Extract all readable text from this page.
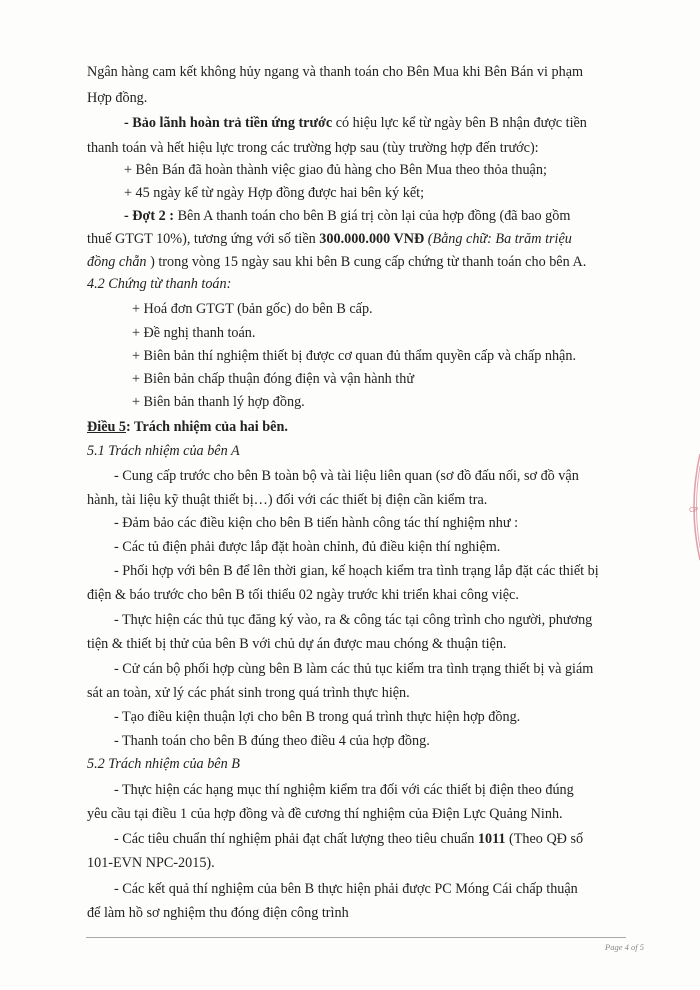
Ngân hàng cam kết không hủy ngang và thanh toán cho Bên Mua khi Bên Bán vi phạm
Hợp đồng.
- Bảo lãnh hoàn trả tiền ứng trước có hiệu lực kể từ ngày bên B nhận được tiền
thanh toán và hết hiệu lực trong các trường hợp sau (tùy trường hợp đến trước):
+ Bên Bán đã hoàn thành việc giao đủ hàng cho Bên Mua theo thỏa thuận;
+ 45 ngày kể từ ngày Hợp đồng được hai bên ký kết;
- Đợt 2 : Bên A thanh toán cho bên B giá trị còn lại của hợp đồng (đã bao gồm
thuế GTGT 10%), tương ứng với số tiền 300.000.000 VNĐ (Bằng chữ: Ba trăm triệu
đồng chẵn ) trong vòng 15 ngày sau khi bên B cung cấp chứng từ thanh toán cho bên A.
4.2 Chứng từ thanh toán:
+ Hoá đơn GTGT (bản gốc) do bên B cấp.
+ Đề nghị thanh toán.
+ Biên bản thí nghiệm thiết bị được cơ quan đủ thẩm quyền cấp và chấp nhận.
+ Biên bản chấp thuận đóng điện và vận hành thử
+ Biên bản thanh lý hợp đồng.
Điều 5: Trách nhiệm của hai bên.
5.1 Trách nhiệm của bên A
- Cung cấp trước cho bên B toàn bộ và tài liệu liên quan (sơ đồ đấu nối, sơ đồ vận
hành, tài liệu kỹ thuật thiết bị…) đối với các thiết bị điện cần kiểm tra.
- Đảm bảo các điều kiện cho bên B tiến hành công tác thí nghiệm như :
- Các tủ điện phải được lắp đặt hoàn chỉnh, đủ điều kiện thí nghiệm.
- Phối hợp với bên B để lên thời gian, kế hoạch kiểm tra tình trạng lắp đặt các thiết bị
điện & báo trước cho bên B tối thiểu 02 ngày trước khi triển khai công việc.
- Thực hiện các thủ tục đăng ký vào, ra & công tác tại công trình cho người, phương
tiện & thiết bị thử của bên B với chủ dự án được mau chóng & thuận tiện.
- Cử cán bộ phối hợp cùng bên B làm các thủ tục kiểm tra tình trạng thiết bị và giám
sát an toàn, xử lý các phát sinh trong quá trình thực hiện.
- Tạo điều kiện thuận lợi cho bên B trong quá trình thực hiện hợp đồng.
- Thanh toán cho bên B đúng theo điều 4 của hợp đồng.
5.2 Trách nhiệm của bên B
- Thực hiện các hạng mục thí nghiệm kiểm tra đối với các thiết bị điện theo đúng
yêu cầu tại điều 1 của hợp đồng và đề cương thí nghiệm của Điện Lực Quảng Ninh.
- Các tiêu chuẩn thí nghiệm phải đạt chất lượng theo tiêu chuẩn 1011 (Theo QĐ số
101-EVN NPC-2015).
- Các kết quả thí nghiệm của bên B thực hiện phải được PC Móng Cái chấp thuận
để làm hồ sơ nghiệm thu đóng điện công trình
Page 4 of 5
CP
